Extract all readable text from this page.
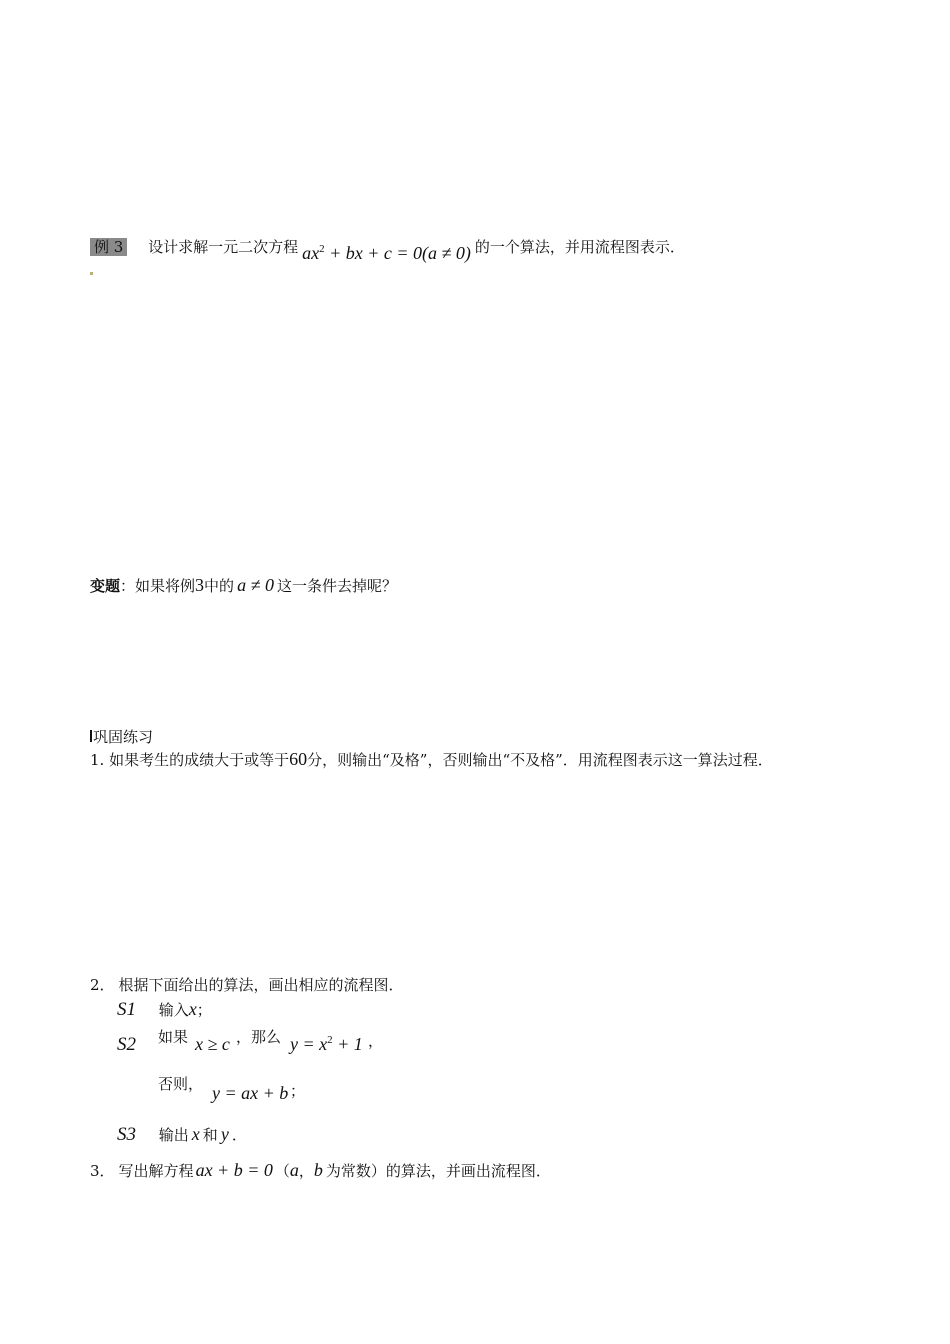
例 3 设计求解一元二次方程 $ax^2$ + bx + c = 0(a ≠ 0) 的一个算法，并用流程图表示．
变题：如果将例3中的 a ≠ 0 这一条件去掉呢？
巩固练习
1. 如果考生的成绩大于或等于60分，则输出“及格”，否则输出“不及格”．用流程图表示这一算法过程．
2． 根据下面给出的算法，画出相应的流程图．
S1 输入x；
S2 如果 x ≥ c ，那么 $y = x^2 + 1$ ，
否则， y = ax + b ；
S3 输出 x 和 y ．
3． 写出解方程 ax + b = 0 （a，b 为常数）的算法，并画出流程图．
